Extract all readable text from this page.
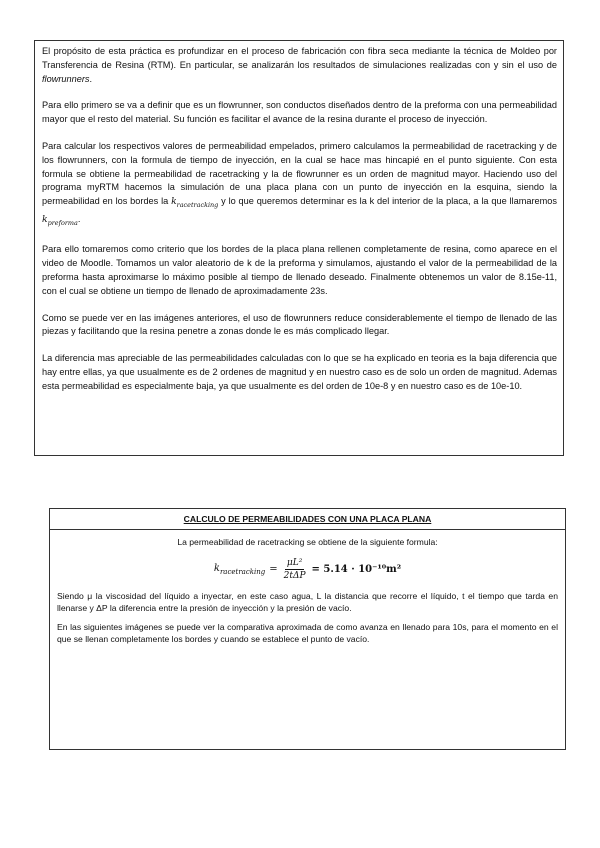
El propósito de esta práctica es profundizar en el proceso de fabricación con fibra seca mediante la técnica de Moldeo por Transferencia de Resina (RTM). En particular, se analizarán los resultados de simulaciones realizadas con y sin el uso de flowrunners.

Para ello primero se va a definir que es un flowrunner, son conductos diseñados dentro de la preforma con una permeabilidad mayor que el resto del material. Su función es facilitar el avance de la resina durante el proceso de inyección.

Para calcular los respectivos valores de permeabilidad empelados, primero calculamos la permeabilidad de racetracking y de los flowrunners, con la formula de tiempo de inyección, en la cual se hace mas hincapié en el punto siguiente. Con esta formula se obtiene la permeabilidad de racetracking y la de flowrunner es un orden de magnitud mayor. Haciendo uso del programa myRTM hacemos la simulación de una placa plana con un punto de inyección en la esquina, siendo la permeabilidad en los bordes la $k_{racetracking}$ y lo que queremos determinar es la k del interior de la placa, a la que llamaremos $k_{preforma}$.

Para ello tomaremos como criterio que los bordes de la placa plana rellenen completamente de resina, como aparece en el video de Moodle. Tomamos un valor aleatorio de k de la preforma y simulamos, ajustando el valor de la permeabilidad de la preforma hasta aproximarse lo máximo posible al tiempo de llenado deseado. Finalmente obtenemos un valor de 8.15e-11, con el cual se obtiene un tiempo de llenado de aproximadamente 23s.

Como se puede ver en las imágenes anteriores, el uso de flowrunners reduce considerablemente el tiempo de llenado de las piezas y facilitando que la resina penetre a zonas donde le es más complicado llegar.

La diferencia mas apreciable de las permeabilidades calculadas con lo que se ha explicado en teoria es la baja diferencia que hay entre ellas, ya que usualmente es de 2 ordenes de magnitud y en nuestro caso es de solo un orden de magnitud. Ademas esta permeabilidad es especialmente baja, ya que usualmente es del orden de 10e-8 y en nuestro caso es de 10e-10.

CALCULO DE PERMEABILIDADES CON UNA PLACA PLANA

La permeabilidad de racetracking se obtiene de la siguiente formula:

$k_{racetracking} = \frac{\text{μL²}}{\text{2tΔP}} = 5.14 \cdot 10^{-10}m^2$

Siendo μ la viscosidad del líquido a inyectar, en este caso agua, L la distancia que recorre el líquido, t el tiempo que tarda en llenarse y ΔP la diferencia entre la presión de inyección y la presión de vacío.

En las siguientes imágenes se puede ver la comparativa aproximada de como avanza en llenado para 10s, para el momento en el que se llenan completamente los bordes y cuando se establece el punto de vacío.
